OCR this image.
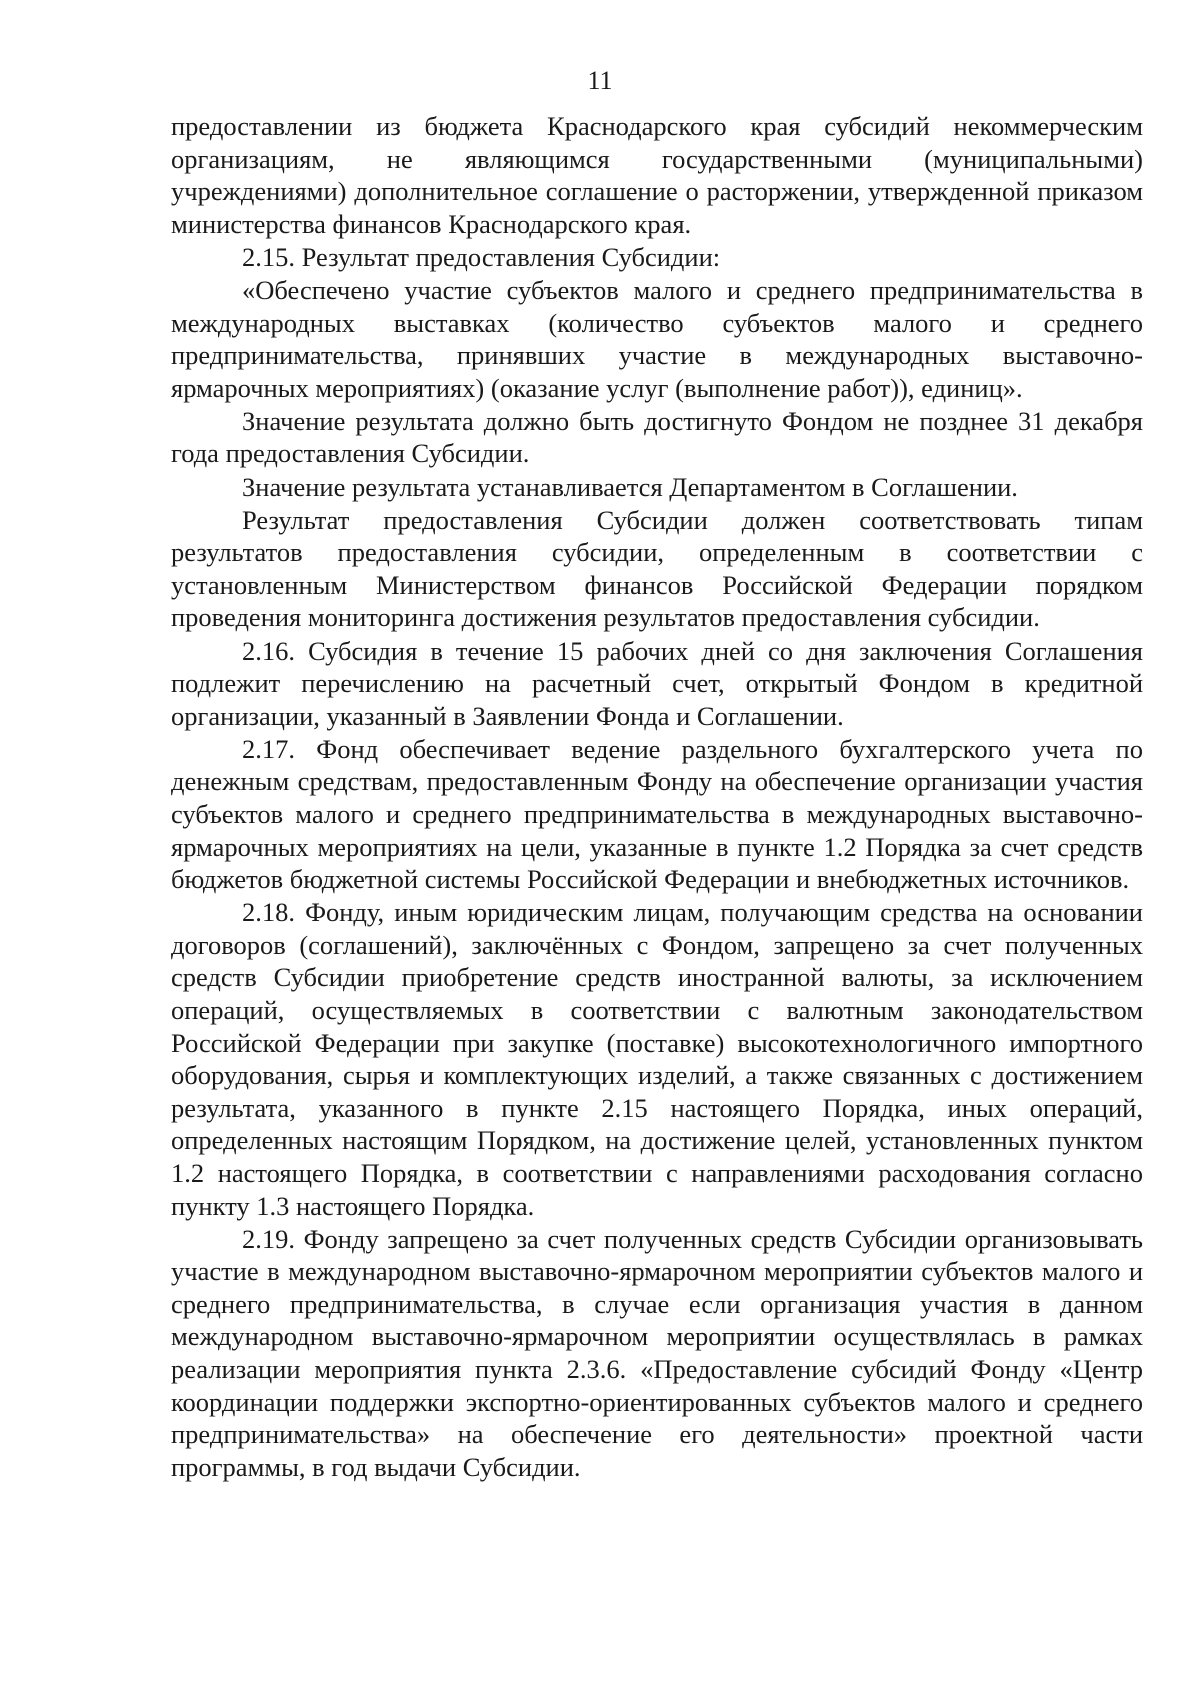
11

предоставлении из бюджета Краснодарского края субсидий некоммерческим организациям, не являющимся государственными (муниципальными) учреждениями) дополнительное соглашение о расторжении, утвержденной приказом министерства финансов Краснодарского края.

2.15. Результат предоставления Субсидии:

«Обеспечено участие субъектов малого и среднего предпринимательства в международных выставках (количество субъектов малого и среднего предпринимательства, принявших участие в международных выставочно-ярмарочных мероприятиях) (оказание услуг (выполнение работ)), единиц».

Значение результата должно быть достигнуто Фондом не позднее 31 декабря года предоставления Субсидии.

Значение результата устанавливается Департаментом в Соглашении.

Результат предоставления Субсидии должен соответствовать типам результатов предоставления субсидии, определенным в соответствии с установленным Министерством финансов Российской Федерации порядком проведения мониторинга достижения результатов предоставления субсидии.

2.16. Субсидия в течение 15 рабочих дней со дня заключения Соглашения подлежит перечислению на расчетный счет, открытый Фондом в кредитной организации, указанный в Заявлении Фонда и Соглашении.

2.17. Фонд обеспечивает ведение раздельного бухгалтерского учета по денежным средствам, предоставленным Фонду на обеспечение организации участия субъектов малого и среднего предпринимательства в международных выставочно-ярмарочных мероприятиях на цели, указанные в пункте 1.2 Порядка за счет средств бюджетов бюджетной системы Российской Федерации и внебюджетных источников.

2.18. Фонду, иным юридическим лицам, получающим средства на основании договоров (соглашений), заключённых с Фондом, запрещено за счет полученных средств Субсидии приобретение средств иностранной валюты, за исключением операций, осуществляемых в соответствии с валютным законодательством Российской Федерации при закупке (поставке) высокотехнологичного импортного оборудования, сырья и комплектующих изделий, а также связанных с достижением результата, указанного в пункте 2.15 настоящего Порядка, иных операций, определенных настоящим Порядком, на достижение целей, установленных пунктом 1.2 настоящего Порядка, в соответствии с направлениями расходования согласно пункту 1.3 настоящего Порядка.

2.19. Фонду запрещено за счет полученных средств Субсидии организовывать участие в международном выставочно-ярмарочном мероприятии субъектов малого и среднего предпринимательства, в случае если организация участия в данном международном выставочно-ярмарочном мероприятии осуществлялась в рамках реализации мероприятия пункта 2.3.6. «Предоставление субсидий Фонду «Центр координации поддержки экспортно-ориентированных субъектов малого и среднего предпринимательства» на обеспечение его деятельности» проектной части программы, в год выдачи Субсидии.
